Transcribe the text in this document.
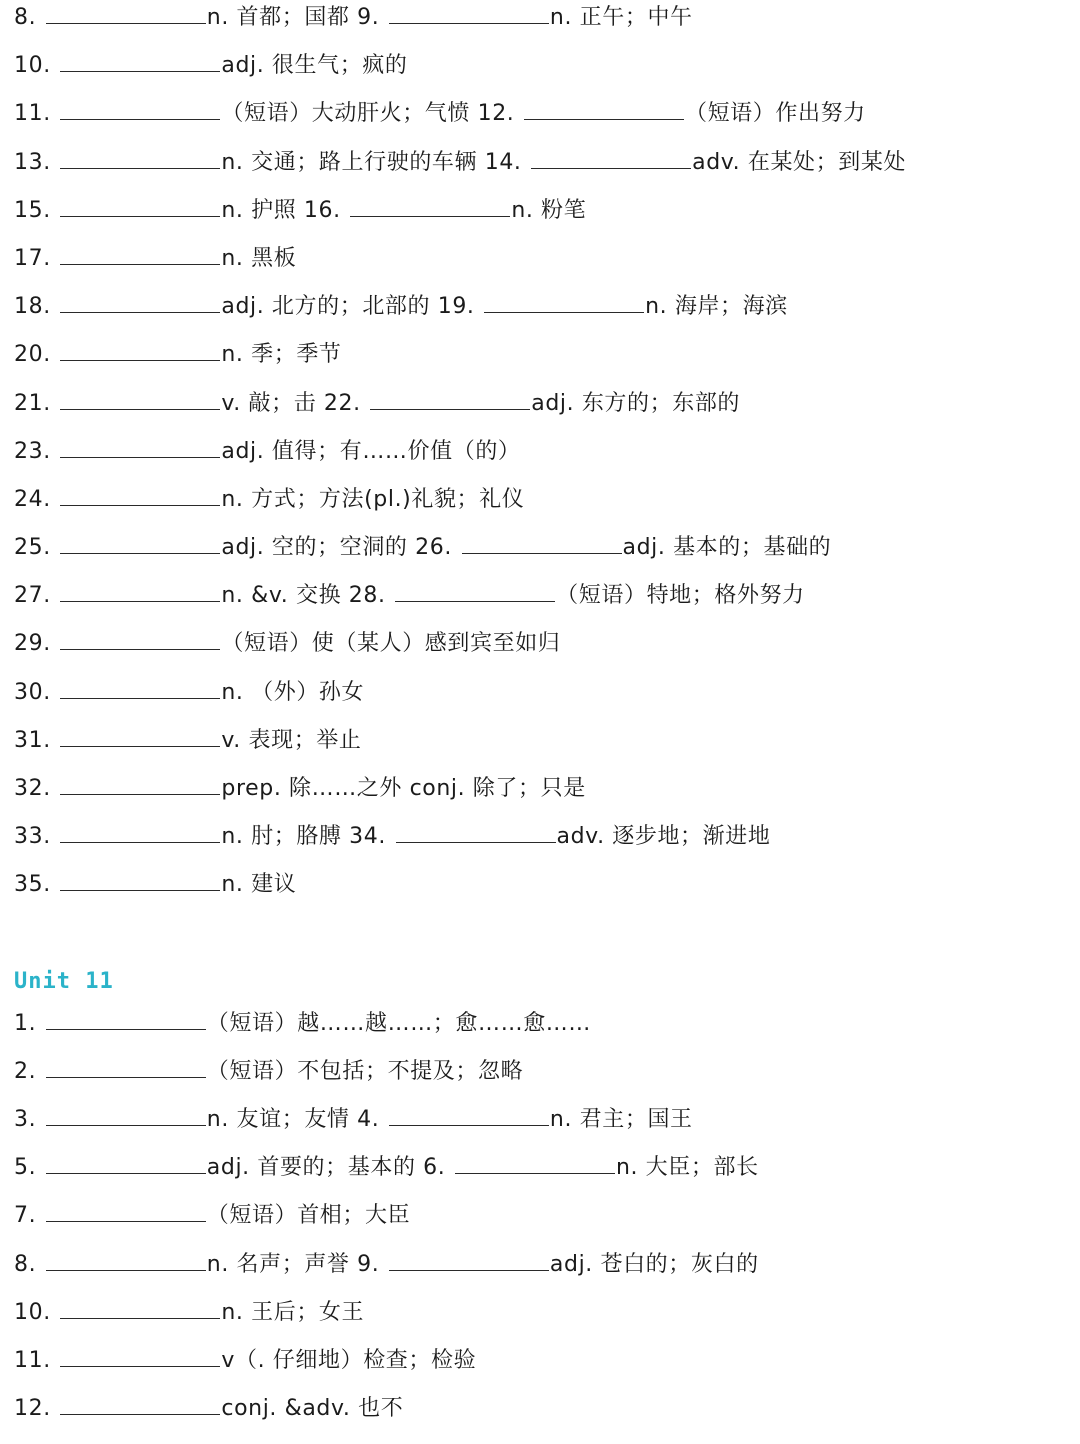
8.	n. 首都；国都 9.	n. 正午；中午
10.	adj. 很生气；疯的
11.	（短语）大动肝火；气愤 12.	（短语）作出努力
13.	n. 交通；路上行驶的车辆 14.	adv. 在某处；到某处
15.	n. 护照 16.	n. 粉笔
17.	n. 黑板
18.	adj. 北方的；北部的 19.	n. 海岸；海滨
20.	n. 季；季节
21.	v. 敲；击 22.	adj. 东方的；东部的
23.	adj. 值得；有……价值（的）
24.	n. 方式；方法(pl.)礼貌；礼仪
25.	adj. 空的；空洞的 26.	adj. 基本的；基础的
27.	n. &v. 交换 28.	（短语）特地；格外努力
29.	（短语）使（某人）感到宾至如归
30.	n. （外）孙女
31.	v. 表现；举止
32.	prep. 除……之外 conj. 除了；只是
33.	n. 肘；胳膊 34.	adv. 逐步地；渐进地
35.	n. 建议
Unit 11
1.	（短语）越……越……；愈……愈……
2.	（短语）不包括；不提及；忽略
3.	n. 友谊；友情 4.	n. 君主；国王
5.	adj. 首要的；基本的 6.	n. 大臣；部长
7.	（短语）首相；大臣
8.	n. 名声；声誉 9.	adj. 苍白的；灰白的
10.	n. 王后；女王
11.	v（. 仔细地）检查；检验
12.	conj. &adv. 也不
